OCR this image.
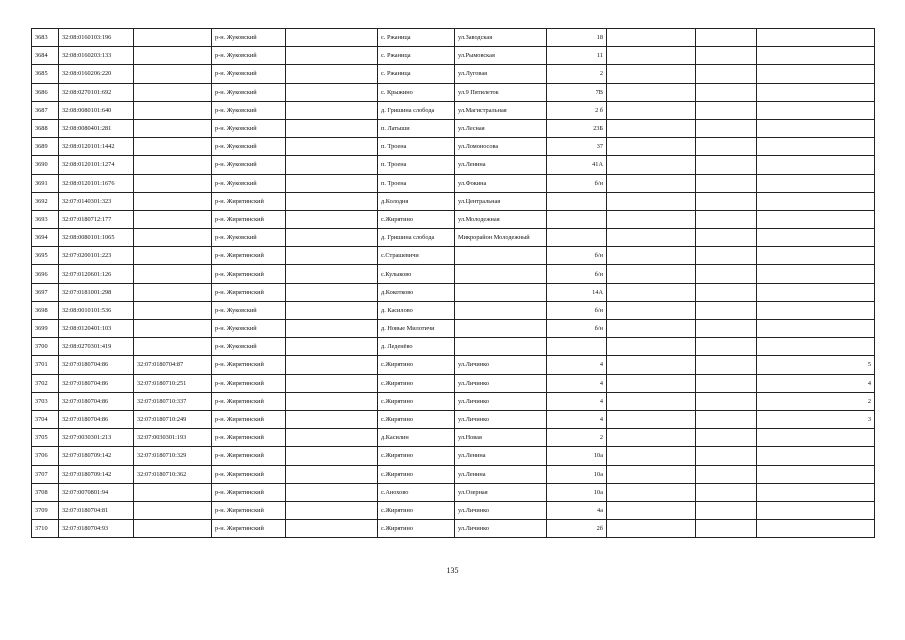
3683	32:08:0160103:196		р-н. Жуковский		с. Ржаница	ул.Заводская	18			
3684	32:08:0160203:133		р-н. Жуковский		с. Ржаница	ул.Рымовская	11			
3685	32:08:0160206:220		р-н. Жуковский		с. Ржаница	ул.Луговая	2			
3686	32:08:0270101:692		р-н. Жуковский		с. Крыжино	ул.9 Пятилеток	7В			
3687	32:08:0080101:640		р-н. Жуковский		д. Гришина слобода	ул.Магистральная	2 б			
3688	32:08:0080401:281		р-н. Жуковский		п. Латыши	ул.Лесная	23Б			
3689	32:08:0120101:1442		р-н. Жуковский		п. Троена	ул.Ломоносова	37			
3690	32:08:0120101:1274		р-н. Жуковский		п. Троена	ул.Ленина	41А			
3691	32:08:0120101:1676		р-н. Жуковский		п. Троена	ул.Фокина	б/н			
3692	32:07:0140301:323		р-н. Жирятинский		д.Колодня	ул.Центральная				
3693	32:07:0180712:177		р-н. Жирятинский		с.Жирятино	ул.Молодежная				
3694	32:08:0080101:1065		р-н. Жуковский		д. Гришина слобода	Микрорайон Молодежный				
3695	32:07:0200101:223		р-н. Жирятинский		с.Страшевичи		б/н			
3696	32:07:0120601:126		р-н. Жирятинский		с.Кулыково		б/н			
3697	32:07:0181001:298		р-н. Жирятинский		д.Кокотково		14А			
3698	32:08:0010101:536		р-н. Жуковский		д. Касилово		б/н			
3699	32:08:0120401:103		р-н. Жуковский		д. Новые Милотичи		б/н			
3700	32:08:0270301:419		р-н. Жуковский		д. Леденёво					
3701	32:07:0180704:86	32:07:0180704:87	р-н. Жирятинский		с.Жирятино	ул.Личинко	4			5
3702	32:07:0180704:86	32:07:0180710:251	р-н. Жирятинский		с.Жирятино	ул.Личинко	4			4
3703	32:07:0180704:86	32:07:0180710:337	р-н. Жирятинский		с.Жирятино	ул.Личинко	4			2
3704	32:07:0180704:86	32:07:0180710:249	р-н. Жирятинский		с.Жирятино	ул.Личинко	4			3
3705	32:07:0030301:213	32:07:0030301:193	р-н. Жирятинский		д.Касилин	ул.Новая	2			
3706	32:07:0180709:142	32:07:0180710:329	р-н. Жирятинский		с.Жирятино	ул.Ленина	10а			
3707	32:07:0180709:142	32:07:0180710:362	р-н. Жирятинский		с.Жирятино	ул.Ленина	10а			
3708	32:07:0070801:94		р-н. Жирятинский		с.Анохово	ул.Озерная	10а			
3709	32:07:0180704:81		р-н. Жирятинский		с.Жирятино	ул.Личинко	4а			
3710	32:07:0180704:93		р-н. Жирятинский		с.Жирятино	ул.Личинко	2б			
135
